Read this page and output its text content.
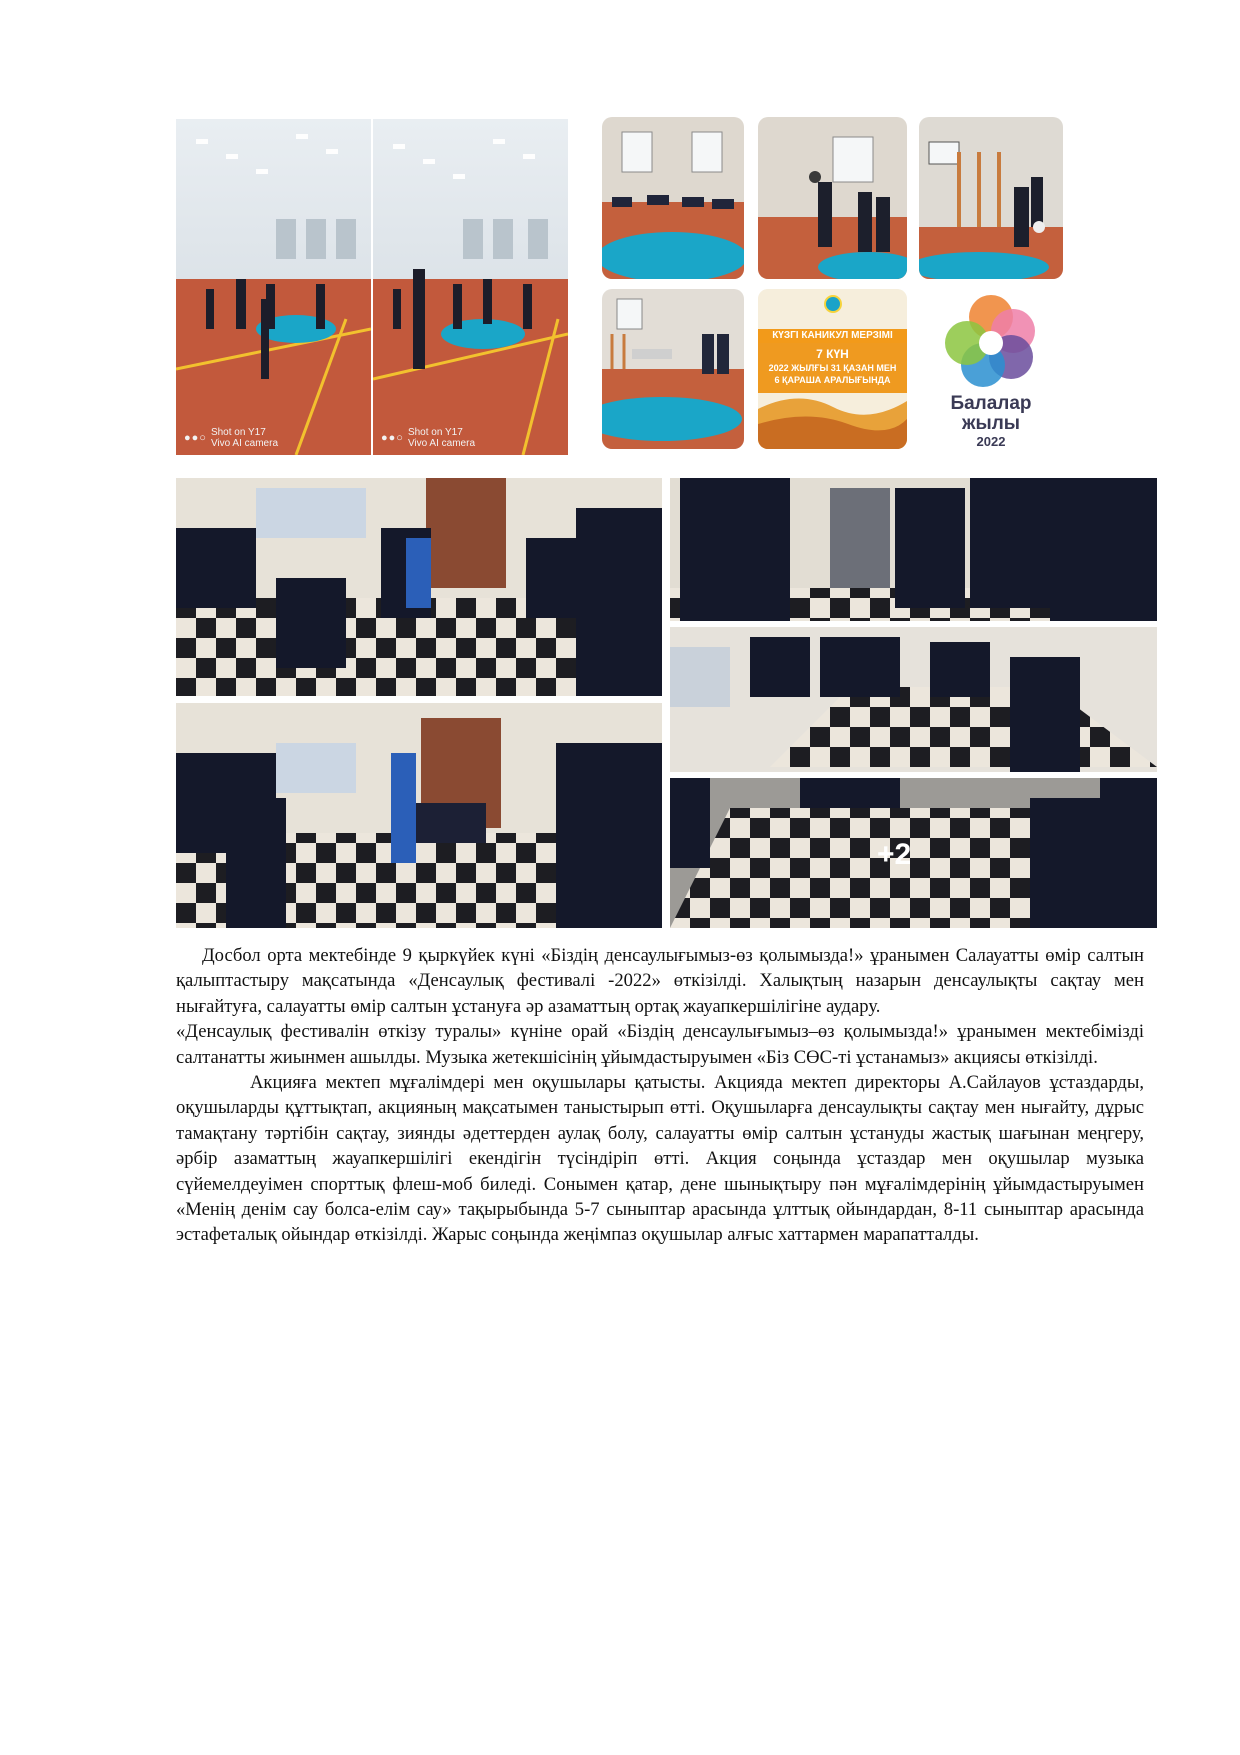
●●○ Shot on Y17
Vivo AI camera	●●○ Shot on Y17
Vivo AI camera
КҮЗГІ КАНИКУЛ МЕРЗІМІ
7 КҮН
2022 ЖЫЛҒЫ 31 ҚАЗАН МЕН
6 ҚАРАША АРАЛЫҒЫНДА
Балалар
жылы
2022
+2

Досбол орта мектебінде 9 қыркүйек күні «Біздің денсаулығымыз-өз қолымызда!» ұранымен Салауатты өмір салтын қалыптастыру мақсатында «Денсаулық фестивалі -2022» өткізілді. Халықтың назарын денсаулықты сақтау мен нығайтуға, салауатты өмір салтын ұстануға әр азаматтың ортақ жауапкершілігіне аудару.

«Денсаулық фестивалін өткізу туралы» күніне орай «Біздің денсаулығымыз–өз қолымызда!» ұранымен мектебімізді салтанатты жиынмен ашылды. Музыка жетекшісінің ұйымдастыруымен «Біз СӨС-ті ұстанамыз» акциясы өткізілді.

Акцияға мектеп мұғалімдері мен оқушылары қатысты. Акцияда мектеп директоры А.Сайлауов ұстаздарды, оқушыларды құттықтап, акцияның мақсатымен таныстырып өтті. Оқушыларға денсаулықты сақтау мен нығайту, дұрыс тамақтану тәртібін сақтау, зиянды әдеттерден аулақ болу, салауатты өмір салтын ұстануды жастық шағынан меңгеру, әрбір азаматтың жауапкершілігі екендігін түсіндіріп өтті. Акция соңында ұстаздар мен оқушылар музыка сүйемелдеуімен спорттық флеш-моб биледі. Сонымен қатар, дене шынықтыру пән мұғалімдерінің ұйымдастыруымен «Менің денім сау болса-елім сау» тақырыбында 5-7 сыныптар арасында ұлттық ойындардан, 8-11 сыныптар арасында эстафеталық ойындар өткізілді. Жарыс соңында жеңімпаз оқушылар алғыс хаттармен марапатталды.
